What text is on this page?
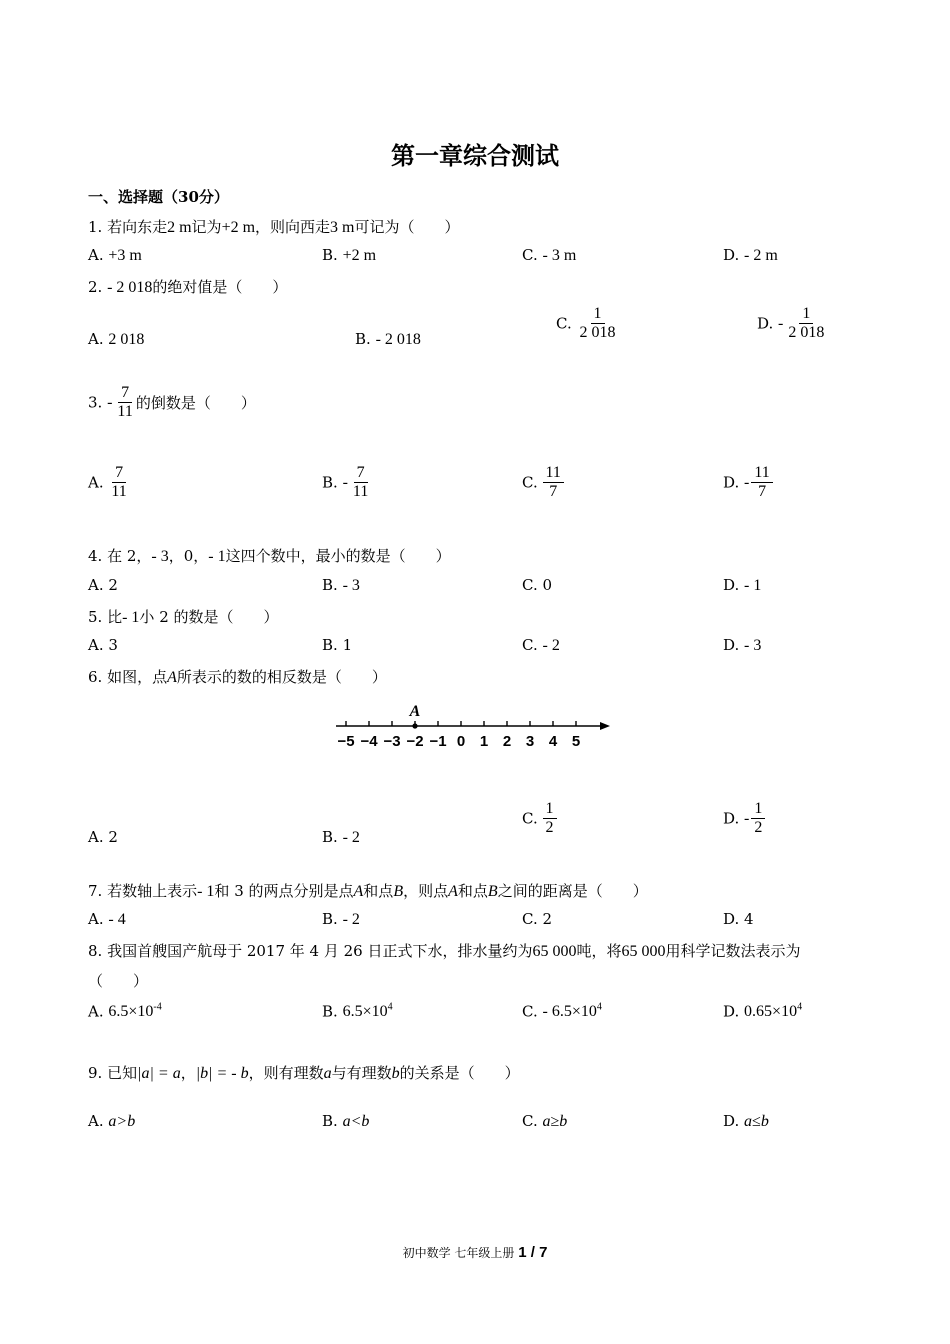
第一章综合测试
一、选择题（30分）
1. 若向东走2 m记为+2 m，则向西走3 m可记为（　　）
A. +3 m	B. +2 m	C. - 3 m	D. - 2 m
2. - 2 018的绝对值是（　　）
A. 2 018	B. - 2 018
C. $\frac{1}{2 018}$	D. - $\frac{1}{2 018}$
3. - $\frac{7}{11}$ 的倒数是（　　）
A. $\frac{7}{11}$	B. - $\frac{7}{11}$	C. $\frac{11}{7}$	D. - $\frac{11}{7}$
4. 在 2，- 3，0，- 1这四个数中，最小的数是（　　）
A. 2	B. - 3	C. 0	D. - 1
5. 比- 1小 2 的数是（　　）
A. 3	B. 1	C. - 2	D. - 3
6. 如图，点A所表示的数的相反数是（　　）
−5 −4 −3 −2 −1 0 1 2 3 4 5
A
A. 2	B. - 2
C. $\frac{1}{2}$	D. - $\frac{1}{2}$
7. 若数轴上表示- 1和 3 的两点分别是点A和点B，则点A和点B之间的距离是（　　）
A. - 4	B. - 2	C. 2	D. 4
8. 我国首艘国产航母于 2017 年 4 月 26 日正式下水，排水量约为65 000吨，将65 000用科学记数法表示为
（　　）
A. $6.5\times 10^{-4}$	B. $6.5\times 10^4$	C. - $6.5\times 10^4$	D. $0.65\times 10^4$
9. 已知|a| = a，|b| = - b，则有理数a与有理数b的关系是（　　）
A. a>b	B. a<b	C. a≥b	D. a≤b
初中数学 七年级上册 1 / 7
